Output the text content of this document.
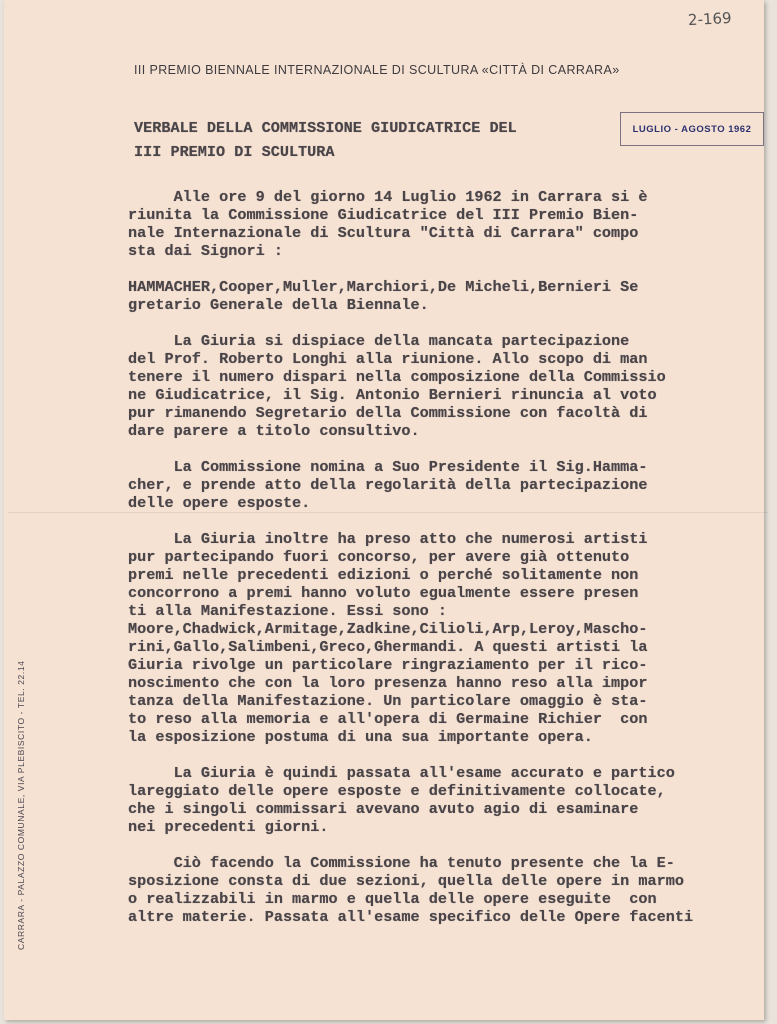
2-169
III PREMIO BIENNALE INTERNAZIONALE DI SCULTURA «CITTÀ DI CARRARA»
LUGLIO - AGOSTO 1962
CARRARA - PALAZZO COMUNALE, VIA PLEBISCITO - TEL. 22.14
VERBALE DELLA COMMISSIONE GIUDICATRICE DEL
III PREMIO DI SCULTURA
Alle ore 9 del giorno 14 Luglio 1962 in Carrara si è
riunita la Commissione Giudicatrice del III Premio Bien-
nale Internazionale di Scultura "Città di Carrara" compo
sta dai Signori :
HAMMACHER,Cooper,Muller,Marchiori,De Micheli,Bernieri Se
gretario Generale della Biennale.
La Giuria si dispiace della mancata partecipazione
del Prof. Roberto Longhi alla riunione. Allo scopo di man
tenere il numero dispari nella composizione della Commissio
ne Giudicatrice, il Sig. Antonio Bernieri rinuncia al voto
pur rimanendo Segretario della Commissione con facoltà di
dare parere a titolo consultivo.
La Commissione nomina a Suo Presidente il Sig.Hamma-
cher, e prende atto della regolarità della partecipazione
delle opere esposte.
La Giuria inoltre ha preso atto che numerosi artisti
pur partecipando fuori concorso, per avere già ottenuto
premi nelle precedenti edizioni o perché solitamente non
concorrono a premi hanno voluto egualmente essere presen
ti alla Manifestazione. Essi sono :
Moore,Chadwick,Armitage,Zadkine,Cilioli,Arp,Leroy,Mascho-
rini,Gallo,Salimbeni,Greco,Ghermandi. A questi artisti la
Giuria rivolge un particolare ringraziamento per il rico-
noscimento che con la loro presenza hanno reso alla impor
tanza della Manifestazione. Un particolare omaggio è sta-
to reso alla memoria e all'opera di Germaine Richier  con
la esposizione postuma di una sua importante opera.
La Giuria è quindi passata all'esame accurato e partico
lareggiato delle opere esposte e definitivamente collocate,
che i singoli commissari avevano avuto agio di esaminare
nei precedenti giorni.
Ciò facendo la Commissione ha tenuto presente che la E-
sposizione consta di due sezioni, quella delle opere in marmo
o realizzabili in marmo e quella delle opere eseguite  con
altre materie. Passata all'esame specifico delle Opere facenti
